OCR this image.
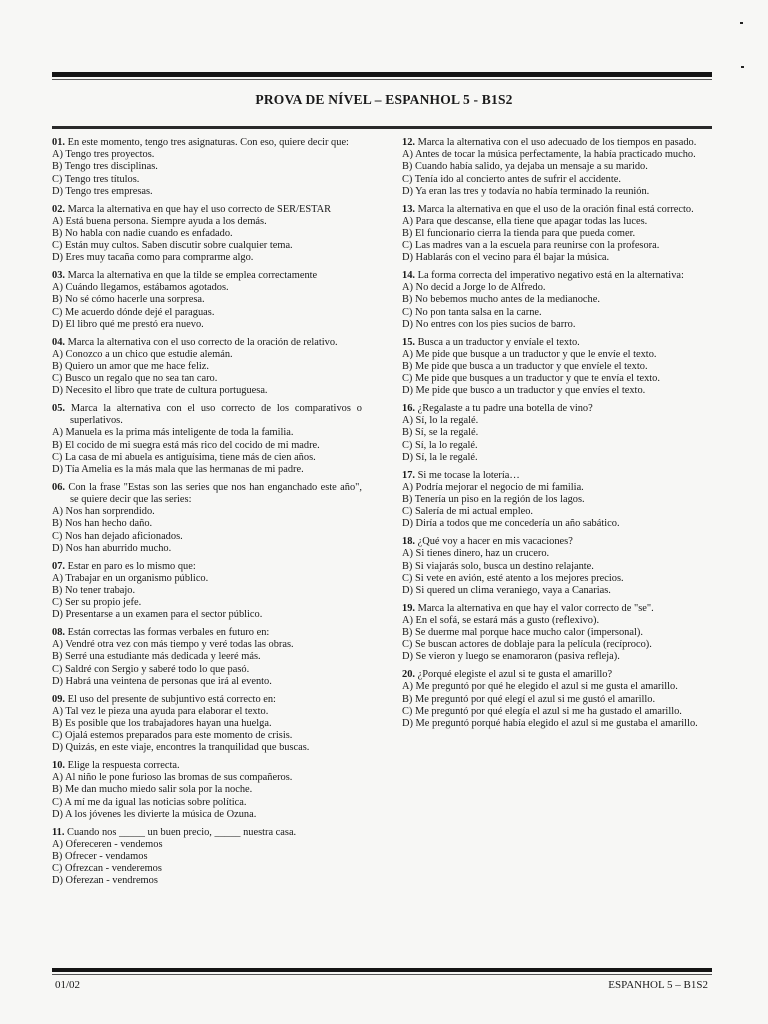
PROVA DE NÍVEL – ESPANHOL 5 - B1S2
01. En este momento, tengo tres asignaturas. Con eso, quiere decir que:
A) Tengo tres proyectos.
B) Tengo tres disciplinas.
C) Tengo tres títulos.
D) Tengo tres empresas.
02. Marca la alternativa en que hay el uso correcto de SER/ESTAR
A) Está buena persona. Siempre ayuda a los demás.
B) No habla con nadie cuando es enfadado.
C) Están muy cultos. Saben discutir sobre cualquier tema.
D) Eres muy tacaña como para comprarme algo.
03. Marca la alternativa en que la tilde se emplea correctamente
A) Cuándo llegamos, estábamos agotados.
B) No sé cómo hacerle una sorpresa.
C) Me acuerdo dónde dejé el paraguas.
D) El libro qué me prestó era nuevo.
04. Marca la alternativa con el uso correcto de la oración de relativo.
A) Conozco a un chico que estudie alemán.
B) Quiero un amor que me hace feliz.
C) Busco un regalo que no sea tan caro.
D) Necesito el libro que trate de cultura portuguesa.
05. Marca la alternativa con el uso correcto de los comparativos o superlativos.
A) Manuela es la prima más inteligente de toda la familia.
B) El cocido de mi suegra está más rico del cocido de mi madre.
C) La casa de mi abuela es antiguísima, tiene más de cien años.
D) Tía Amelia es la más mala que las hermanas de mi padre.
06. Con la frase "Estas son las series que nos han enganchado este año", se quiere decir que las series:
A) Nos han sorprendido.
B) Nos han hecho daño.
C) Nos han dejado aficionados.
D) Nos han aburrido mucho.
07. Estar en paro es lo mismo que:
A) Trabajar en un organismo público.
B) No tener trabajo.
C) Ser su propio jefe.
D) Presentarse a un examen para el sector público.
08. Están correctas las formas verbales en futuro en:
A) Vendré otra vez con más tiempo y veré todas las obras.
B) Serré una estudiante más dedicada y leeré más.
C) Saldré con Sergio y saberé todo lo que pasó.
D) Habrá una veintena de personas que irá al evento.
09. El uso del presente de subjuntivo está correcto en:
A) Tal vez le pieza una ayuda para elaborar el texto.
B) Es posible que los trabajadores hayan una huelga.
C) Ojalá estemos preparados para este momento de crisis.
D) Quizás, en este viaje, encontres la tranquilidad que buscas.
10. Elige la respuesta correcta.
A) Al niño le pone furioso las bromas de sus compañeros.
B) Me dan mucho miedo salir sola por la noche.
C) A mí me da igual las noticias sobre política.
D) A los jóvenes les divierte la música de Ozuna.
11. Cuando nos _____ un buen precio, _____ nuestra casa.
A) Ofereceren - vendemos
B) Ofrecer - vendamos
C) Ofrezcan - venderemos
D) Oferezan - vendremos
12. Marca la alternativa con el uso adecuado de los tiempos en pasado.
A) Antes de tocar la música perfectamente, la había practicado mucho.
B) Cuando había salido, ya dejaba un mensaje a su marido.
C) Tenía ido al concierto antes de sufrir el accidente.
D) Ya eran las tres y todavía no había terminado la reunión.
13. Marca la alternativa en que el uso de la oración final está correcto.
A) Para que descanse, ella tiene que apagar todas las luces.
B) El funcionario cierra la tienda para que pueda comer.
C) Las madres van a la escuela para reunirse con la profesora.
D) Hablarás con el vecino para él bajar la música.
14. La forma correcta del imperativo negativo está en la alternativa:
A) No decid a Jorge lo de Alfredo.
B) No bebemos mucho antes de la medianoche.
C) No pon tanta salsa en la carne.
D) No entres con los pies sucios de barro.
15. Busca a un traductor y envíale el texto.
A) Me pide que busque a un traductor y que le envíe el texto.
B) Me pide que busca a un traductor y que envíele el texto.
C) Me pide que busques a un traductor y que te envía el texto.
D) Me pide que busco a un traductor y que envíes el texto.
16. ¿Regalaste a tu padre una botella de vino?
A) Sí, lo la regalé.
B) Sí, se la regalé.
C) Sí, la lo regalé.
D) Sí, la le regalé.
17. Si me tocase la lotería…
A) Podría mejorar el negocio de mi familia.
B) Tenería un piso en la región de los lagos.
C) Salería de mi actual empleo.
D) Diría a todos que me concedería un año sabático.
18. ¿Qué voy a hacer en mis vacaciones?
A) Si tienes dinero, haz un crucero.
B) Si viajarás solo, busca un destino relajante.
C) Si vete en avión, esté atento a los mejores precios.
D) Si quered un clima veraniego, vaya a Canarias.
19. Marca la alternativa en que hay el valor correcto de "se".
A) En el sofá, se estará más a gusto (reflexivo).
B) Se duerme mal porque hace mucho calor (impersonal).
C) Se buscan actores de doblaje para la película (recíproco).
D) Se vieron y luego se enamoraron (pasiva refleja).
20. ¿Porqué elegiste el azul si te gusta el amarillo?
A) Me preguntó por qué he elegido el azul si me gusta el amarillo.
B) Me preguntó por qué elegí el azul si me gustó el amarillo.
C) Me preguntó por qué elegía el azul si me ha gustado el amarillo.
D) Me preguntó porqué había elegido el azul si me gustaba el amarillo.
01/02	ESPANHOL 5 – B1S2
